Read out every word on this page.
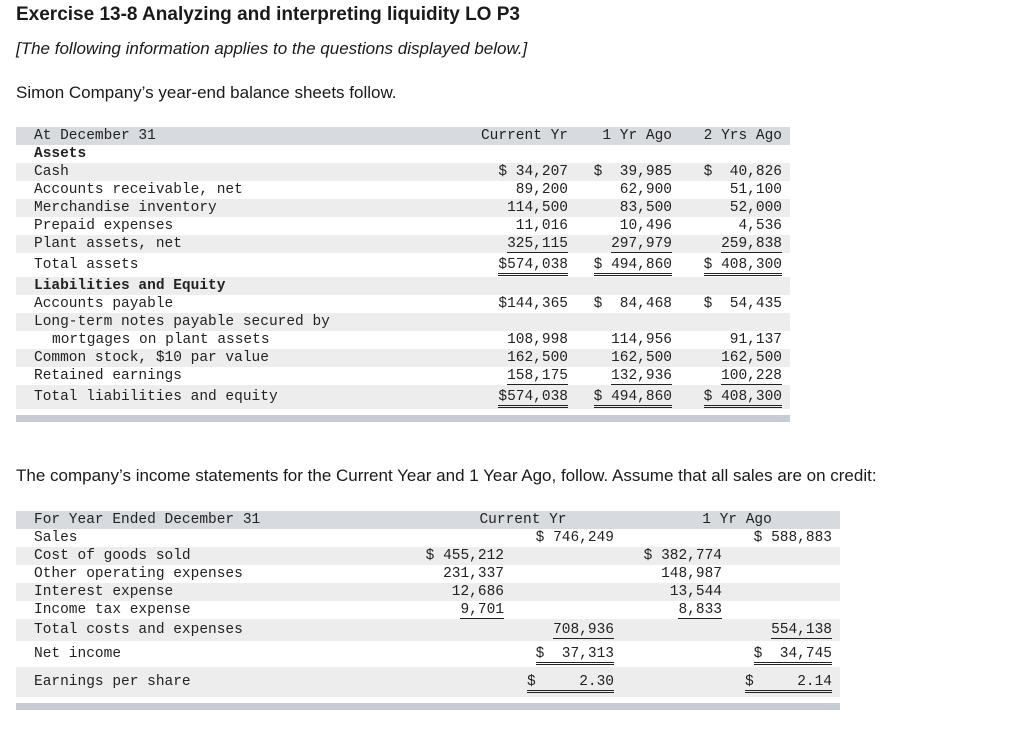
Exercise 13-8 Analyzing and interpreting liquidity LO P3
[The following information applies to the questions displayed below.]
Simon Company’s year-end balance sheets follow.
At December 31	Current Yr	1 Yr Ago	2 Yrs Ago
Assets			
Cash	$ 34,207	$  39,985	$  40,826
Accounts receivable, net	89,200	62,900	51,100
Merchandise inventory	114,500	83,500	52,000
Prepaid expenses	11,016	10,496	4,536
Plant assets, net	325,115	297,979	259,838
Total assets	$574,038	$ 494,860	$ 408,300
Liabilities and Equity			
Accounts payable	$144,365	$  84,468	$  54,435
Long-term notes payable secured by			
mortgages on plant assets	108,998	114,956	91,137
Common stock, $10 par value	162,500	162,500	162,500
Retained earnings	158,175	132,936	100,228
Total liabilities and equity	$574,038	$ 494,860	$ 408,300

The company’s income statements for the Current Year and 1 Year Ago, follow. Assume that all sales are on credit:
For Year Ended December 31	Current Yr		1 Yr Ago	
Sales		$ 746,249		$ 588,883
Cost of goods sold	$ 455,212		$ 382,774	
Other operating expenses	231,337		148,987	
Interest expense	12,686		13,544	
Income tax expense	9,701		8,833	
Total costs and expenses		708,936		554,138
Net income		$  37,313		$  34,745
Earnings per share		$     2.30		$     2.14
